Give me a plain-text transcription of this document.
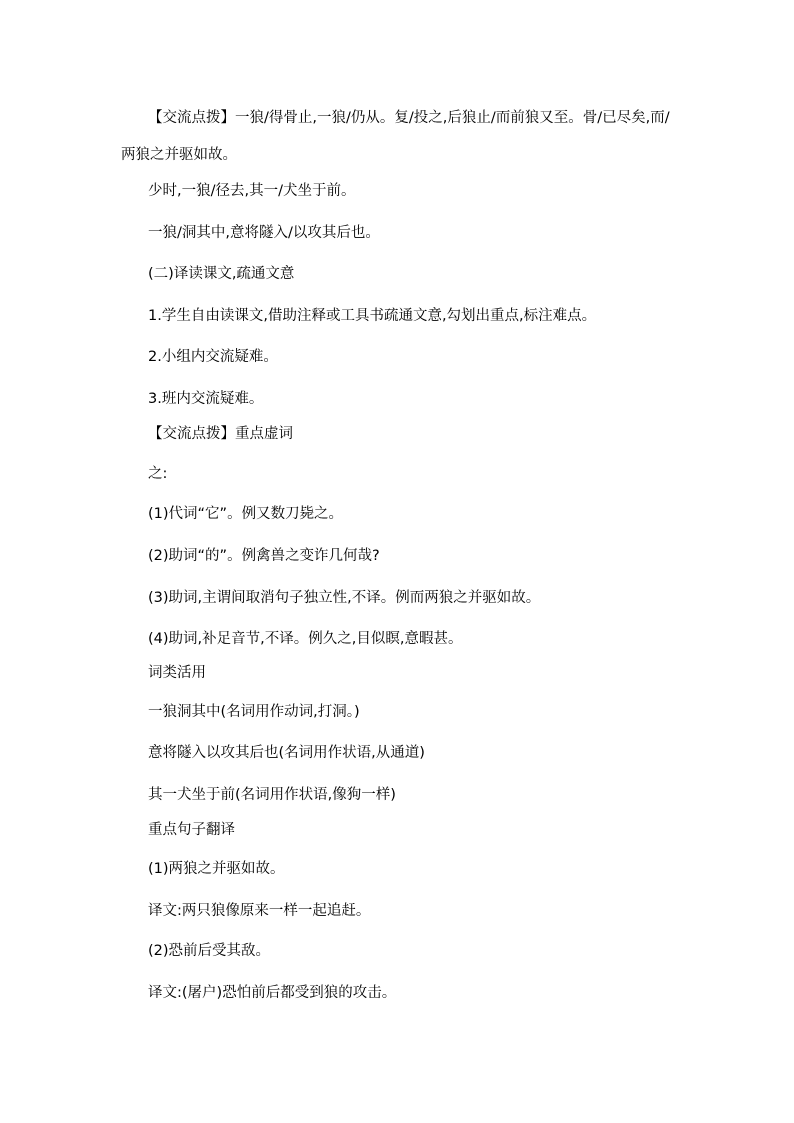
【交流点拨】一狼/得骨止,一狼/仍从。复/投之,后狼止/而前狼又至。骨/已尽矣,而/
两狼之并驱如故。
少时,一狼/径去,其一/犬坐于前。
一狼/洞其中,意将隧入/以攻其后也。
(二)译读课文,疏通文意
1.学生自由读课文,借助注释或工具书疏通文意,勾划出重点,标注难点。
2.小组内交流疑难。
3.班内交流疑难。
【交流点拨】重点虚词
之:
(1)代词“它”。例又数刀毙之。
(2)助词“的”。例禽兽之变诈几何哉?
(3)助词,主谓间取消句子独立性,不译。例而两狼之并驱如故。
(4)助词,补足音节,不译。例久之,目似瞑,意暇甚。
词类活用
一狼洞其中(名词用作动词,打洞。)
意将隧入以攻其后也(名词用作状语,从通道)
其一犬坐于前(名词用作状语,像狗一样)
重点句子翻译
(1)两狼之并驱如故。
译文:两只狼像原来一样一起追赶。
(2)恐前后受其敌。
译文:(屠户)恐怕前后都受到狼的攻击。
